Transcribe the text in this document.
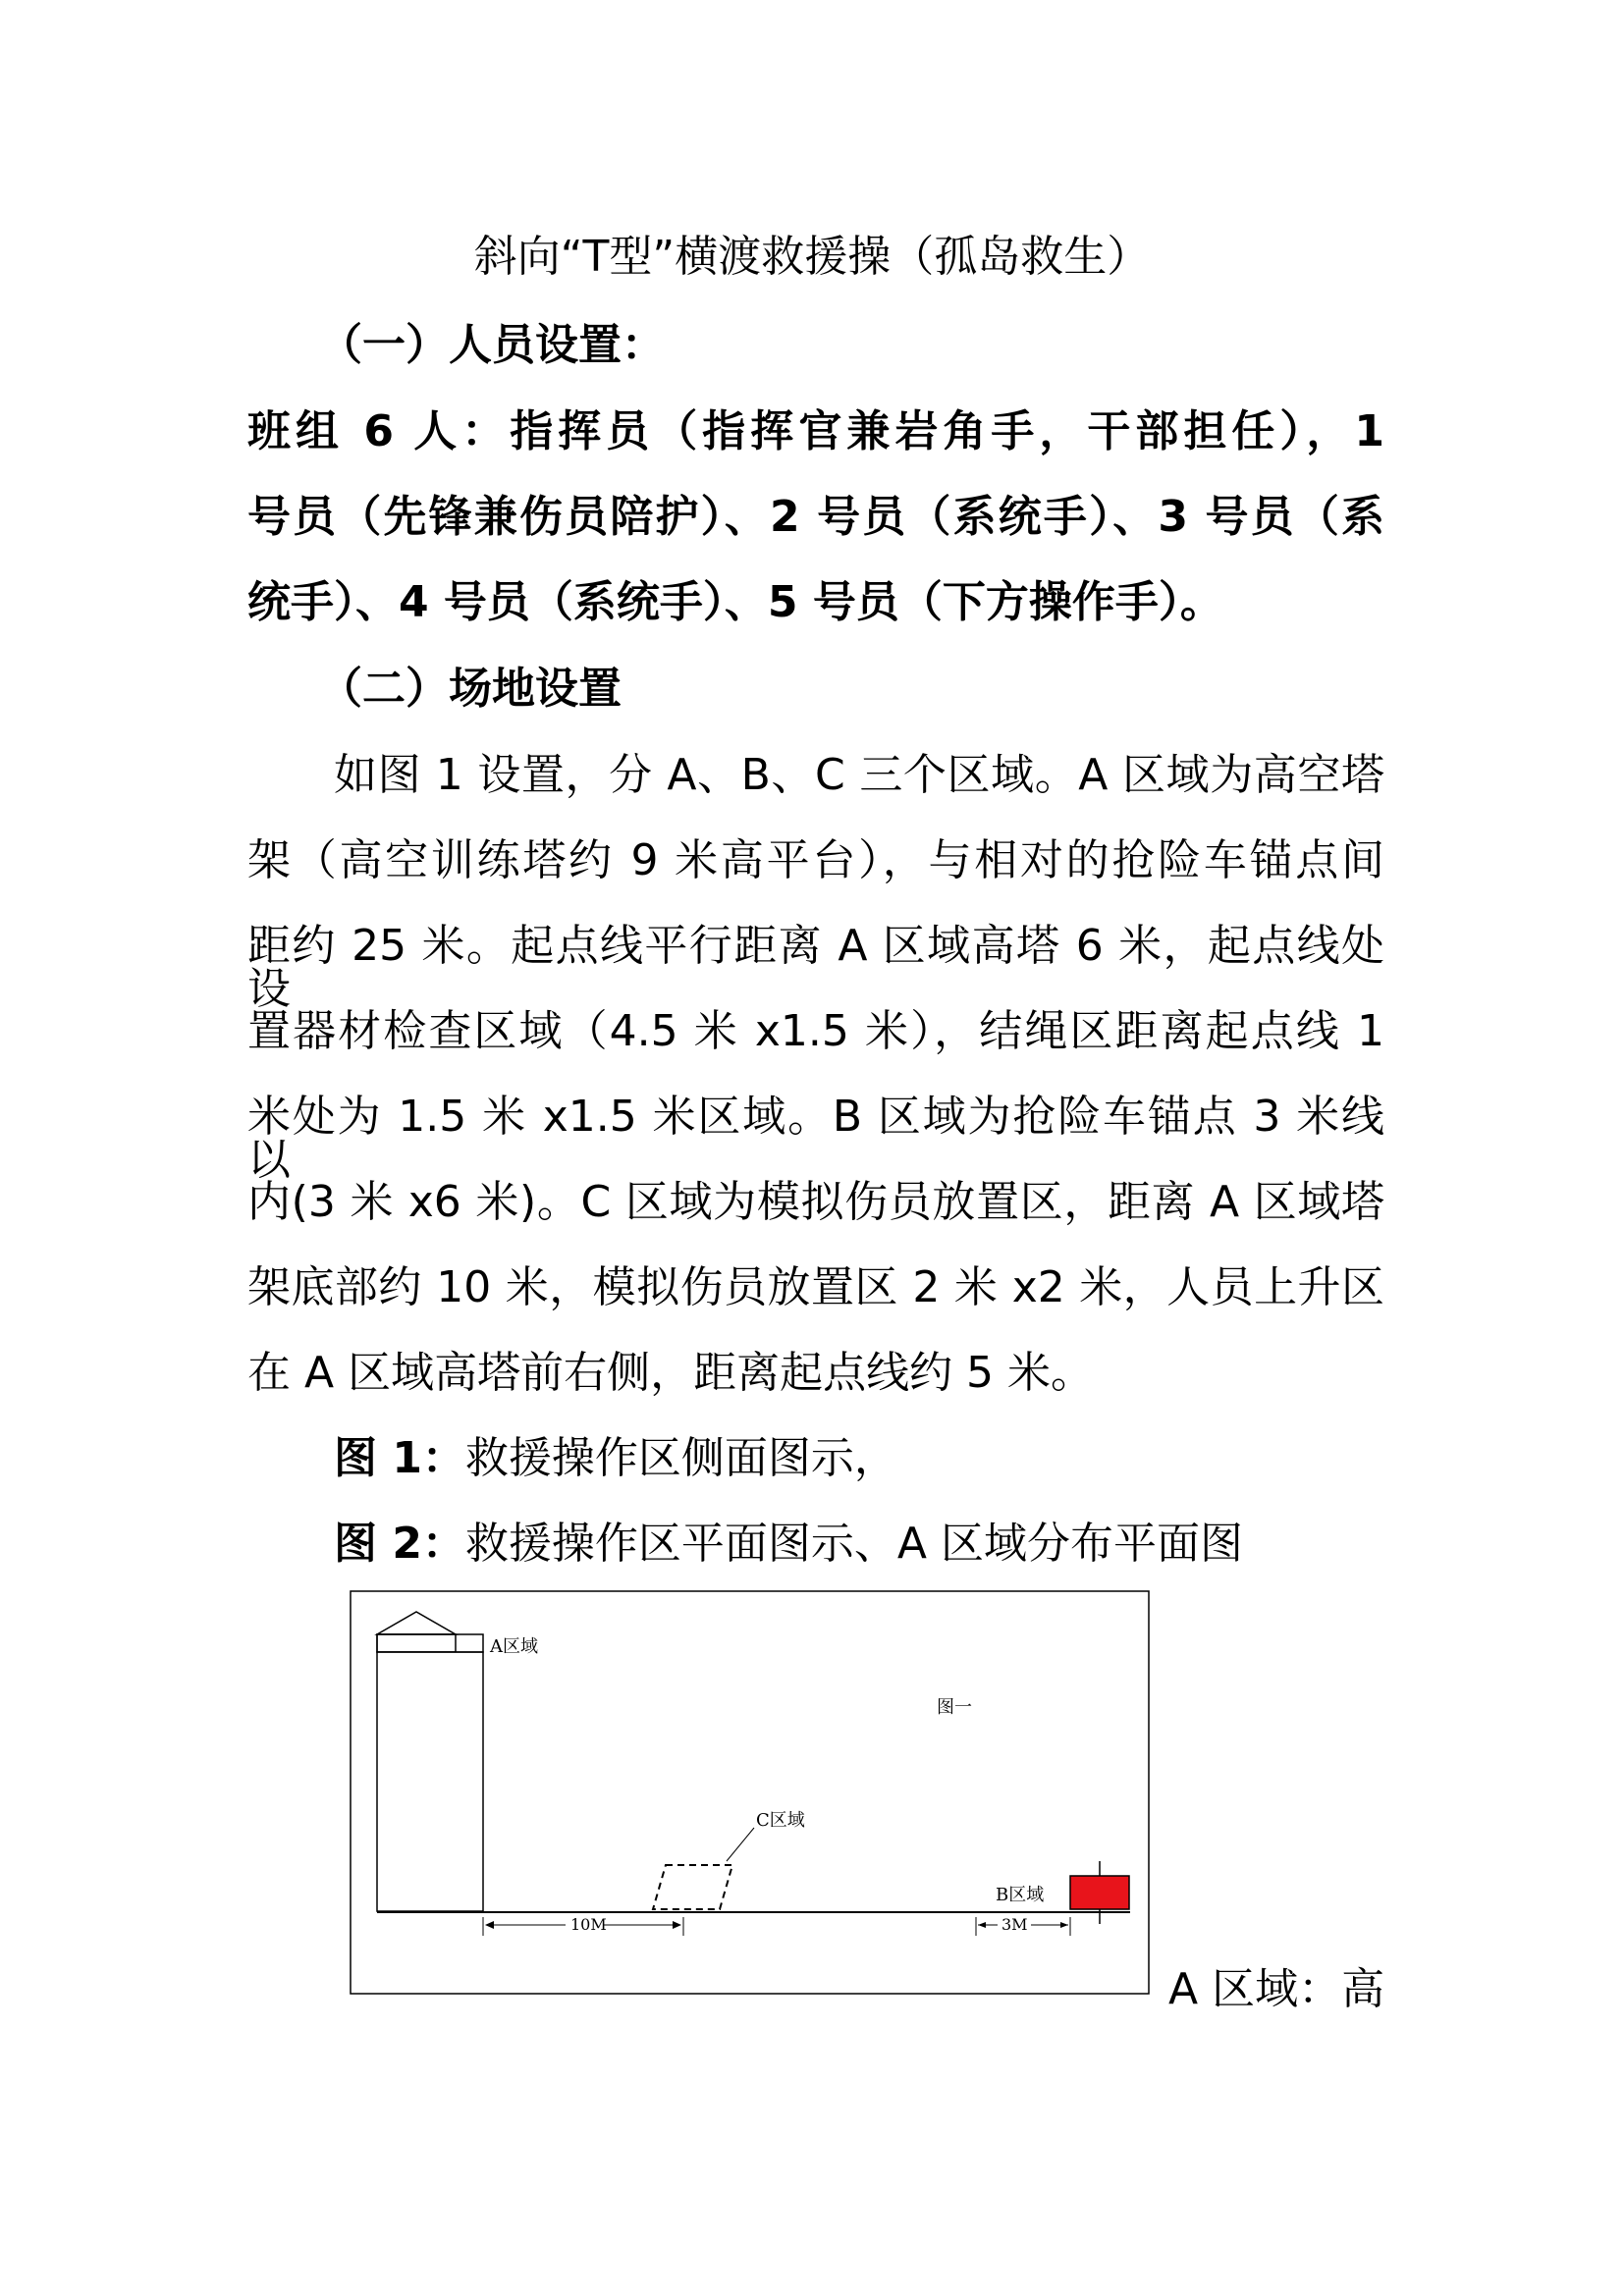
斜向“T型”横渡救援操（孤岛救生）
（一）人员设置：
班组 6 人：指挥员（指挥官兼岩角手，干部担任），1
号员（先锋兼伤员陪护）、2 号员（系统手）、3 号员（系
统手）、4 号员（系统手）、5 号员（下方操作手）。
（二）场地设置
如图 1 设置，分 A、B、C 三个区域。A 区域为高空塔
架（高空训练塔约 9 米高平台），与相对的抢险车锚点间
距约 25 米。起点线平行距离 A 区域高塔 6 米，起点线处设
置器材检查区域（4.5 米 x1.5 米），结绳区距离起点线 1
米处为 1.5 米 x1.5 米区域。B 区域为抢险车锚点 3 米线以
内(3 米 x6 米)。C 区域为模拟伤员放置区，距离 A 区域塔
架底部约 10 米，模拟伤员放置区 2 米 x2 米，人员上升区
在 A 区域高塔前右侧，距离起点线约 5 米。
图 1：救援操作区侧面图示，
图 2：救援操作区平面图示、A 区域分布平面图
A区域
图一
C区域
10M
B区域
3M
A 区域：高
